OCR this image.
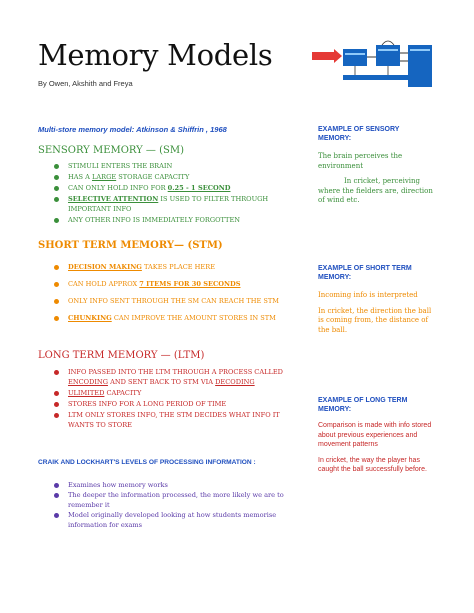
Memory Models
By Owen, Akshith and Freya
Multi-store memory model: Atkinson & Shiffrin , 1968
SENSORY MEMORY — (SM)
STIMULI ENTERS THE BRAIN
HAS A LARGE STORAGE CAPACITY
CAN ONLY HOLD INFO FOR 0.25 - 1 SECOND
SELECTIVE ATTENTION IS USED TO FILTER THROUGH IMPORTANT INFO
ANY OTHER INFO IS IMMEDIATELY FORGOTTEN
SHORT TERM MEMORY— (STM)
DECISION MAKING TAKES PLACE HERE
CAN HOLD APPROX 7 ITEMS FOR 30 SECONDS
ONLY INFO SENT THROUGH THE SM CAN REACH THE STM
CHUNKING CAN IMPROVE THE AMOUNT STORES IN STM
LONG TERM MEMORY — (LTM)
INFO PASSED INTO THE LTM THROUGH A PROCESS CALLED ENCODING AND SENT BACK TO STM VIA DECODING
ULIMITED CAPACITY
STORES INFO FOR A LONG PERIOD OF TIME
LTM ONLY STORES INFO, THE STM DECIDES WHAT INFO IT WANTS TO STORE
CRAIK AND LOCKHART'S LEVELS OF PROCESSING INFORMATION :
Examines how memory works
The deeper the information processed, the more likely we are to remember it
Model originally developed looking at how students memorise information for exams
EXAMPLE OF SENSORY MEMORY:

The brain perceives the environment

In cricket, perceiving where the fielders are, direction of wind etc.

EXAMPLE OF SHORT TERM MEMORY:

Incoming info is interpreted

In cricket, the direction the ball is coming from, the distance of the ball.

EXAMPLE OF LONG TERM MEMORY:

Comparison is made with info stored about previous experiences and movement patterns

In cricket, the way the player has caught the ball successfully before.
